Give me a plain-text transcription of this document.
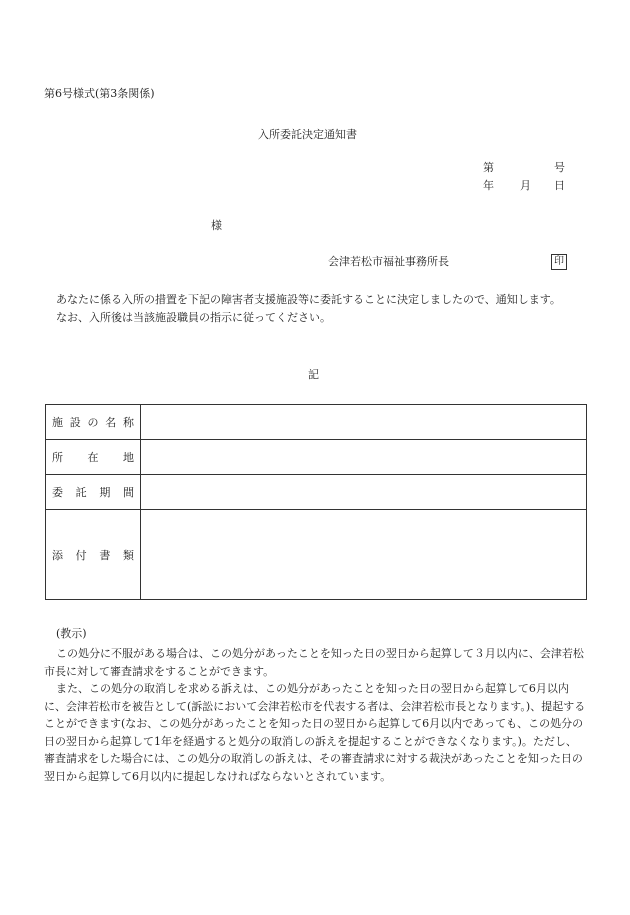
第6号様式(第3条関係)
入所委託決定通知書
第	号
年 月 日
様
会津若松市福祉事務所長	印

あなたに係る入所の措置を下記の障害者支援施設等に委託することに決定しましたので、通知します。

なお、入所後は当該施設職員の指示に従ってください。

記
施設の名称	
所在地	
委託期間	
添付書類	
(教示)

この処分に不服がある場合は、この処分があったことを知った日の翌日から起算して３月以内に、会津若松市長に対して審査請求をすることができます。

また、この処分の取消しを求める訴えは、この処分があったことを知った日の翌日から起算して6月以内に、会津若松市を被告として(訴訟において会津若松市を代表する者は、会津若松市長となります。)、提起することができます(なお、この処分があったことを知った日の翌日から起算して6月以内であっても、この処分の日の翌日から起算して1年を経過すると処分の取消しの訴えを提起することができなくなります。)。ただし、審査請求をした場合には、この処分の取消しの訴えは、その審査請求に対する裁決があったことを知った日の翌日から起算して6月以内に提起しなければならないとされています。
